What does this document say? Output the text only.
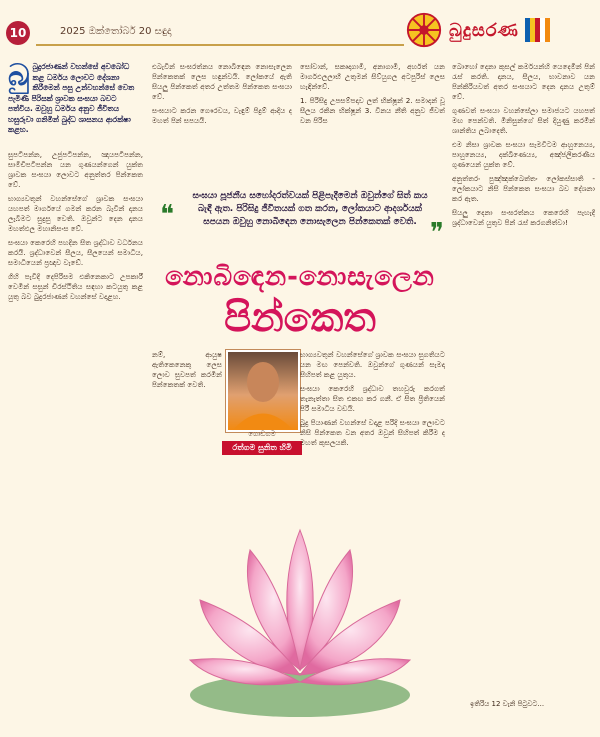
10	2025 ඔක්තෝබර් 20 සඳුදා	බුදුසරණ
බු බුදුරජාණන් වහන්සේ අවබෝධ කළ ධර්මය ලොවට දේශනා කිරීමෙන් පසු උන්වහන්සේ වෙත පැමිණි පිරිසක් ශ්‍රාවක සංඝයා බවට පත්විය. ඔවුහු ධර්මය අනුව ජීවිතය හසුරුවා ගනිමින් බුද්ධ ශාසනය ආරක්ෂා කළහ.

සුපටිපන්න, උජුපටිපන්න, ඤායපටිපන්න, සාමීචිපටිපන්න යන ගුණයන්ගෙන් යුක්ත ශ්‍රාවක සංඝයා ලොවට අනුත්තර පින්කෙත වේ.

භාග්‍යවතුන් වහන්සේගේ ශ්‍රාවක සංඝයා යහපත් මාර්ගයේ ගමන් කරන බැවින් දානය ලැබීමට සුදුසු වෙති. ඔවුන්ට දෙන දානය මහත්ඵල මහානිසංස වේ.

සංඝයා කෙරෙහි පහදින සිත ශ්‍රද්ධාව වර්ධනය කරයි. ශ්‍රද්ධාවෙන් සීලය, සීලයෙන් සමාධිය, සමාධියෙන් ප්‍රඥාව වැඩේ.

ගිහි පැවිදි දෙපිරිසම එකිනෙකාට උපකාරී වෙමින් සසුන් චිරස්ථිතිය සඳහා කටයුතු කළ යුතු බව බුදුරජාණන් වහන්සේ වදාළහ.

එබැවින් සංඝරත්නය නොබිඳෙන නොසැලෙන පින්කෙතක් ලෙස හඳුන්වයි. ලෝකයේ ඇති සියලු පින්කෙත් අතර උත්තම පින්කෙත සංඝයා වේ.

සංඝයාට කරන ගෞරවය, වැඳුම් පිදුම් ආදිය ද මහත් පින් සපයයි.

සෝවාන්, සකෘදාගාමී, අනාගාමී, අර්හත් යන මාර්ගඵලලාභී උතුමන් සිව්යුගල අටපුරිස් ලෙස හැඳින්වේ.

1. පිරිසිදු උපසම්පදාව ලත් භික්ෂූන් 2. සමාදන් වූ සීලය රකින භික්ෂූන් 3. විනය නීති අනුව ජීවත් වන පිරිස

බොහෝ දෙනා කුසල් කර්මයන්හි යෙදෙමින් පින් රැස් කරති. දානය, සීලය, භාවනාව යන පින්කිරියවත් අතර සංඝයාට දෙන දානය උතුම් වේ.

ගුණවත් සංඝයා වහන්සේලා සමාජයට යහපත් මඟ පෙන්වති. මිනිසුන්ගේ සිත් දියුණු කරමින් ශාන්තිය ලබාදෙති.

එම නිසා ශ්‍රාවක සංඝයා සැමවිටම ආහුනෙය්‍ය, පාහුනෙය්‍ය, දක්ඛිණෙය්‍ය, අඤ්ජලිකරණීය ගුණයෙන් යුක්ත වේ.

අනුත්තරං පුඤ්ඤක්ඛෙත්තං ලෝකස්සාති - ලෝකයාට නිසි පින්කෙත සංඝයා බව දේශනා කර ඇත.

සියලු දෙනා සංඝරත්නය කෙරෙහි පැහැදී ශ්‍රද්ධාවෙන් යුතුව පින් රැස් කරගනිත්වා!

❝
සංඝයා පූජනීය සහෝදරත්වයක් පිළිපැදීමෙන් ඔවුන්ගේ සිත් කය බැඳී ඇත. පිරිසිදු ජීවිතයක් ගත කරන, ලෝකයාට ආදර්ශයක් සපයන ඔවුහු නොබිඳෙන නොසැලෙන පින්කෙතක් වෙති. ❞
නොබිඳෙන-නොසැලෙන
පින්කෙත

නම්, ආයුෂ ඇතිකෙනෙකු ලෙස ලොව සුවපත් කරමින් පින්කෙතක් වෙති.

ගොඩගම
රත්ගම සුනිත හිමි

භාග්‍යවතුන් වහන්සේගේ ශ්‍රාවක සංඝයා සුගතියට යන මඟ පෙන්වති. ඔවුන්ගේ ගුණයන් සැමදා සිහිපත් කළ යුතුය.

සංඝයා කෙරෙහි ශ්‍රද්ධාව තහවුරු කරගත් තැනැත්තා සිත එකඟ කර ගනී. ඒ සිත ප්‍රීතියෙන් පිරී සමාධිය වඩයි.

බුදු පියාණන් වහන්සේ වදාළ පරිදි සංඝයා ලොවට නිසි පින්කෙත වන අතර ඔවුන් සිහිපත් කිරීම ද මහත් කුසලයකි.

ඉතිරිය 12 වැනි පිටුවට...
